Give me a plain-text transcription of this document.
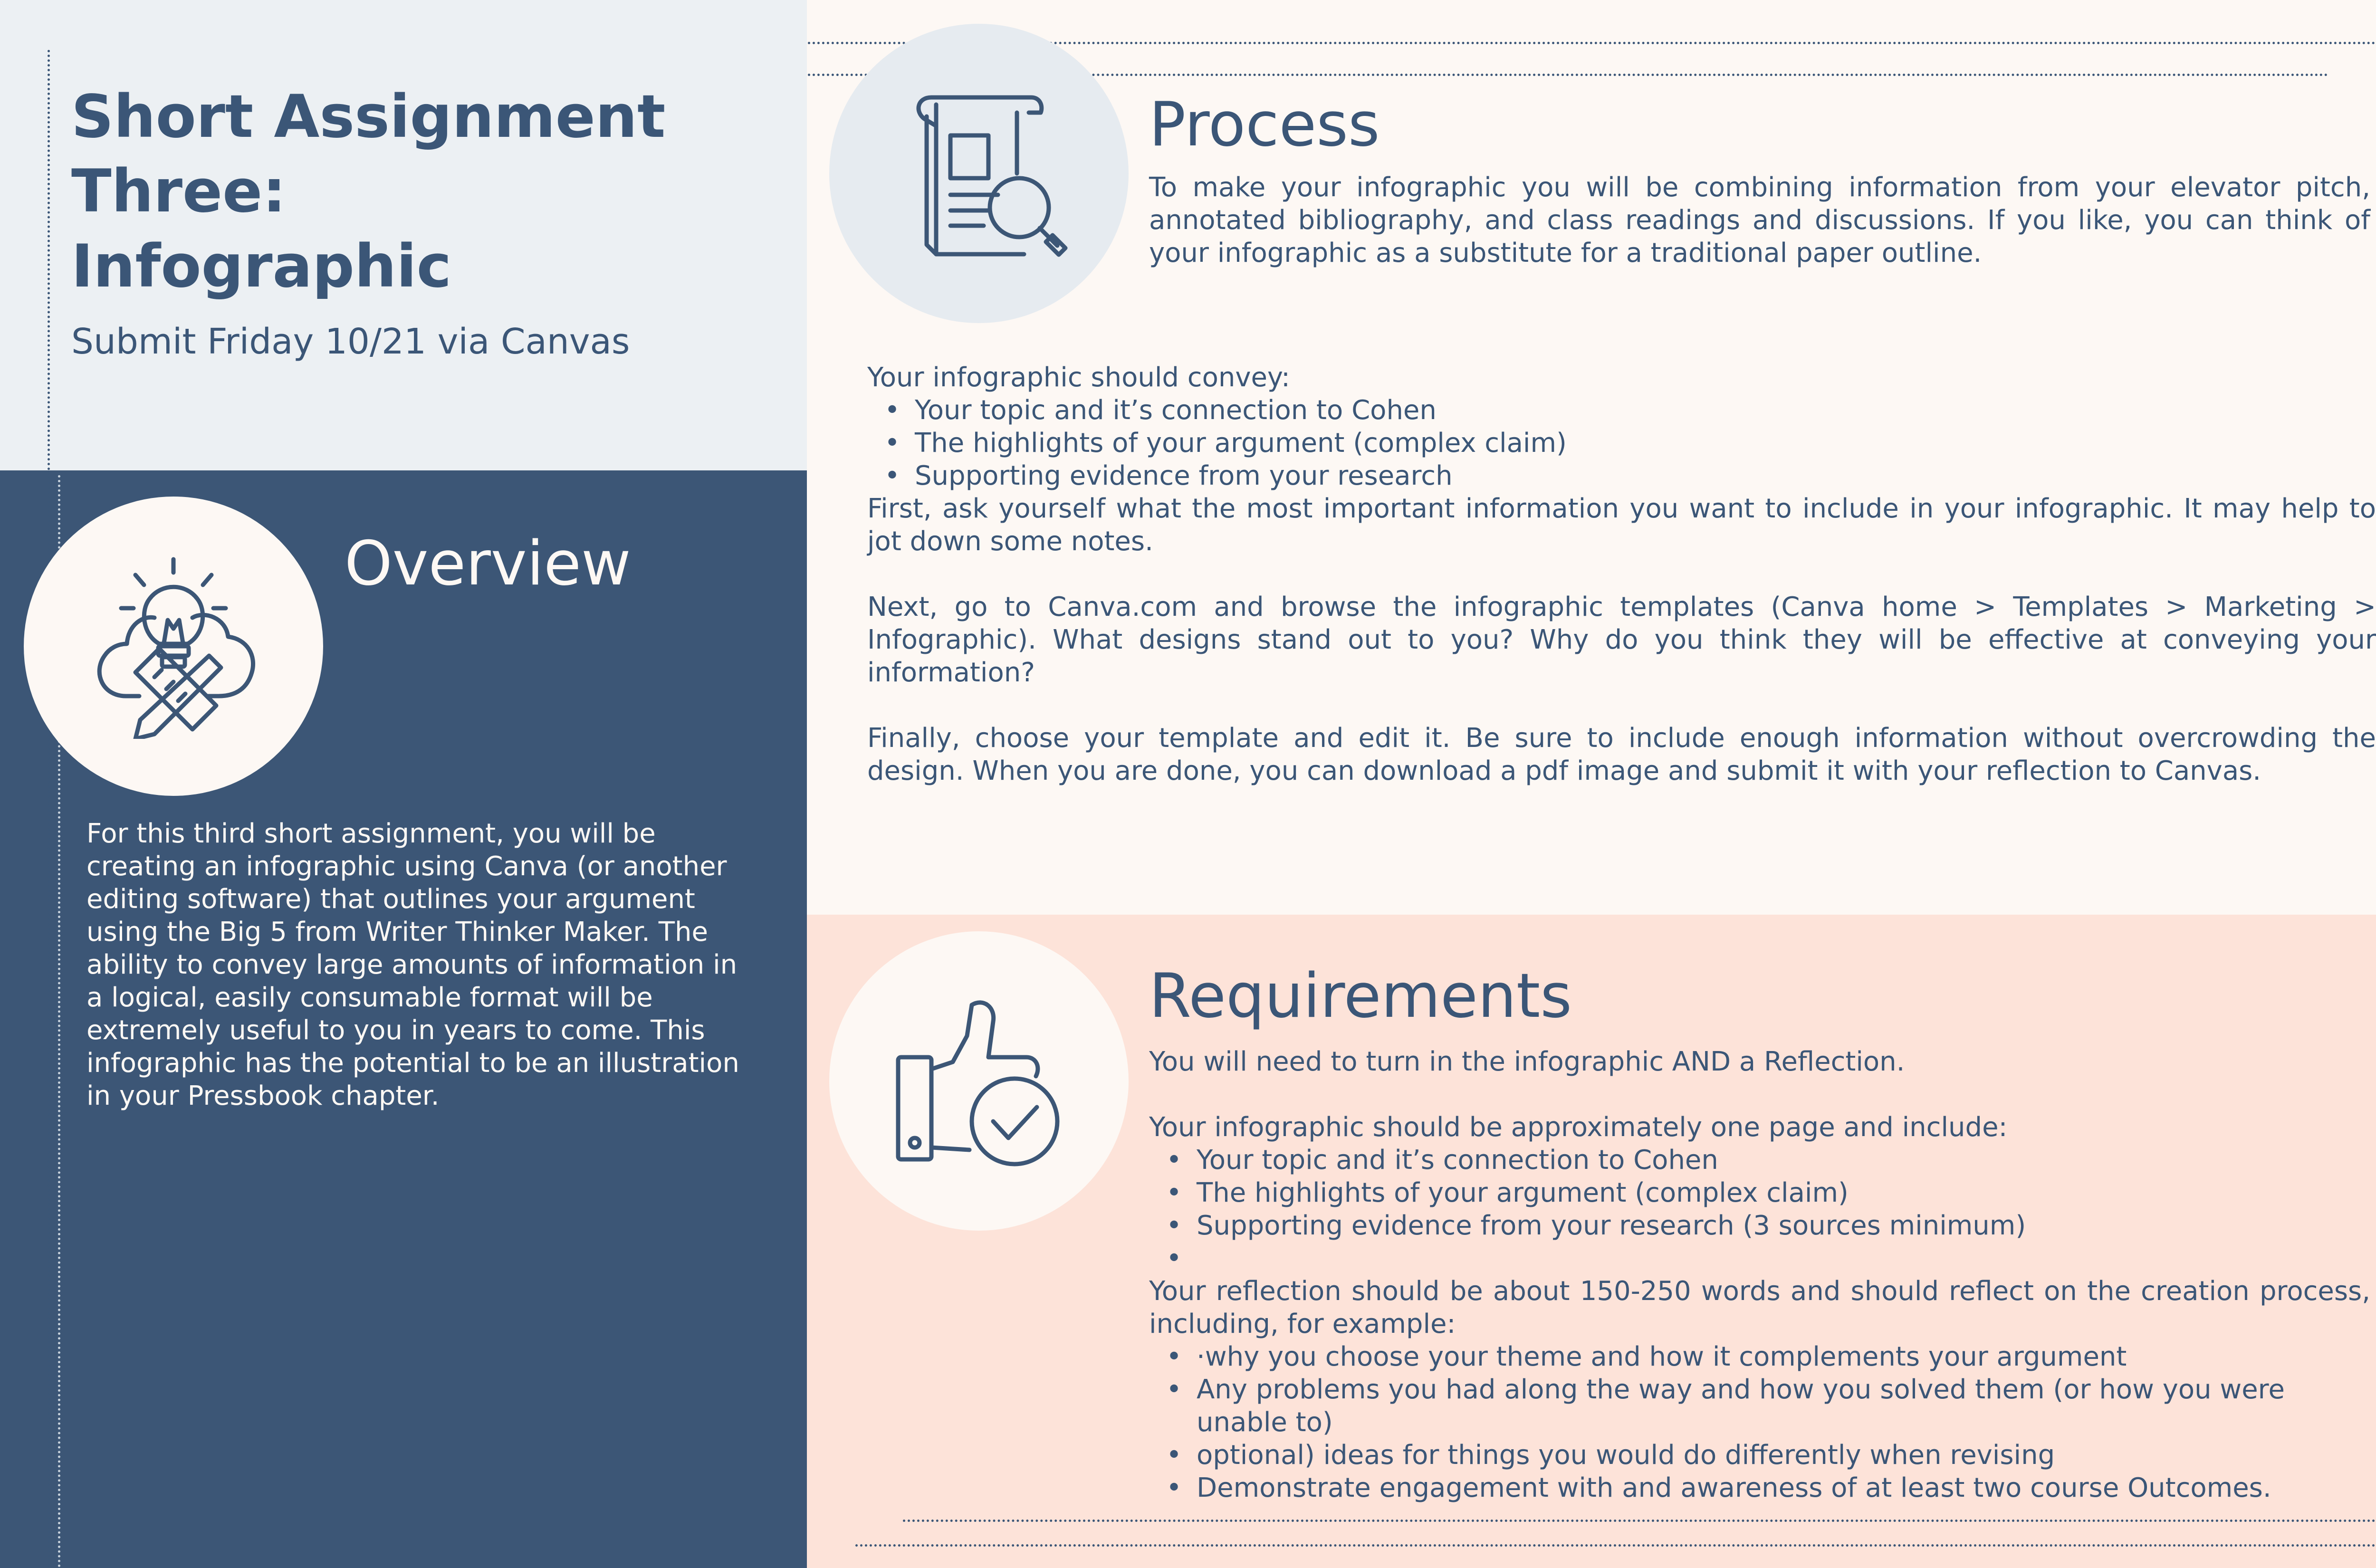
Short Assignment
Three:
Infographic
Submit Friday 10/21 via Canvas
Overview
For this third short assignment, you will be creating an infographic using Canva (or another editing software) that outlines your argument using the Big 5 from Writer Thinker Maker. The ability to convey large amounts of information in a logical, easily consumable format will be extremely useful to you in years to come. This infographic has the potential to be an illustration in your Pressbook chapter.
Process
To make your infographic you will be combining information from your elevator pitch, annotated bibliography, and class readings and discussions. If you like, you can think of your infographic as a substitute for a traditional paper outline.

Your infographic should convey:

• Your topic and it’s connection to Cohen
• The highlights of your argument (complex claim)
• Supporting evidence from your research

First, ask yourself what the most important information you want to include in your infographic. It may help to jot down some notes.

Next, go to Canva.com and browse the infographic templates (Canva home > Templates > Marketing > Infographic). What designs stand out to you? Why do you think they will be effective at conveying your information?

Finally, choose your template and edit it. Be sure to include enough information without overcrowding the design. When you are done, you can download a pdf image and submit it with your reflection to Canvas.

Requirements

You will need to turn in the infographic AND a Reflection.

Your infographic should be approximately one page and include:

• Your topic and it’s connection to Cohen
• The highlights of your argument (complex claim)
• Supporting evidence from your research (3 sources minimum)
•

Your reflection should be about 150-250 words and should reflect on the creation process, including, for example:

• ·why you choose your theme and how it complements your argument
• Any problems you had along the way and how you solved them (or how you were unable to)
• optional) ideas for things you would do differently when revising
• Demonstrate engagement with and awareness of at least two course Outcomes.
